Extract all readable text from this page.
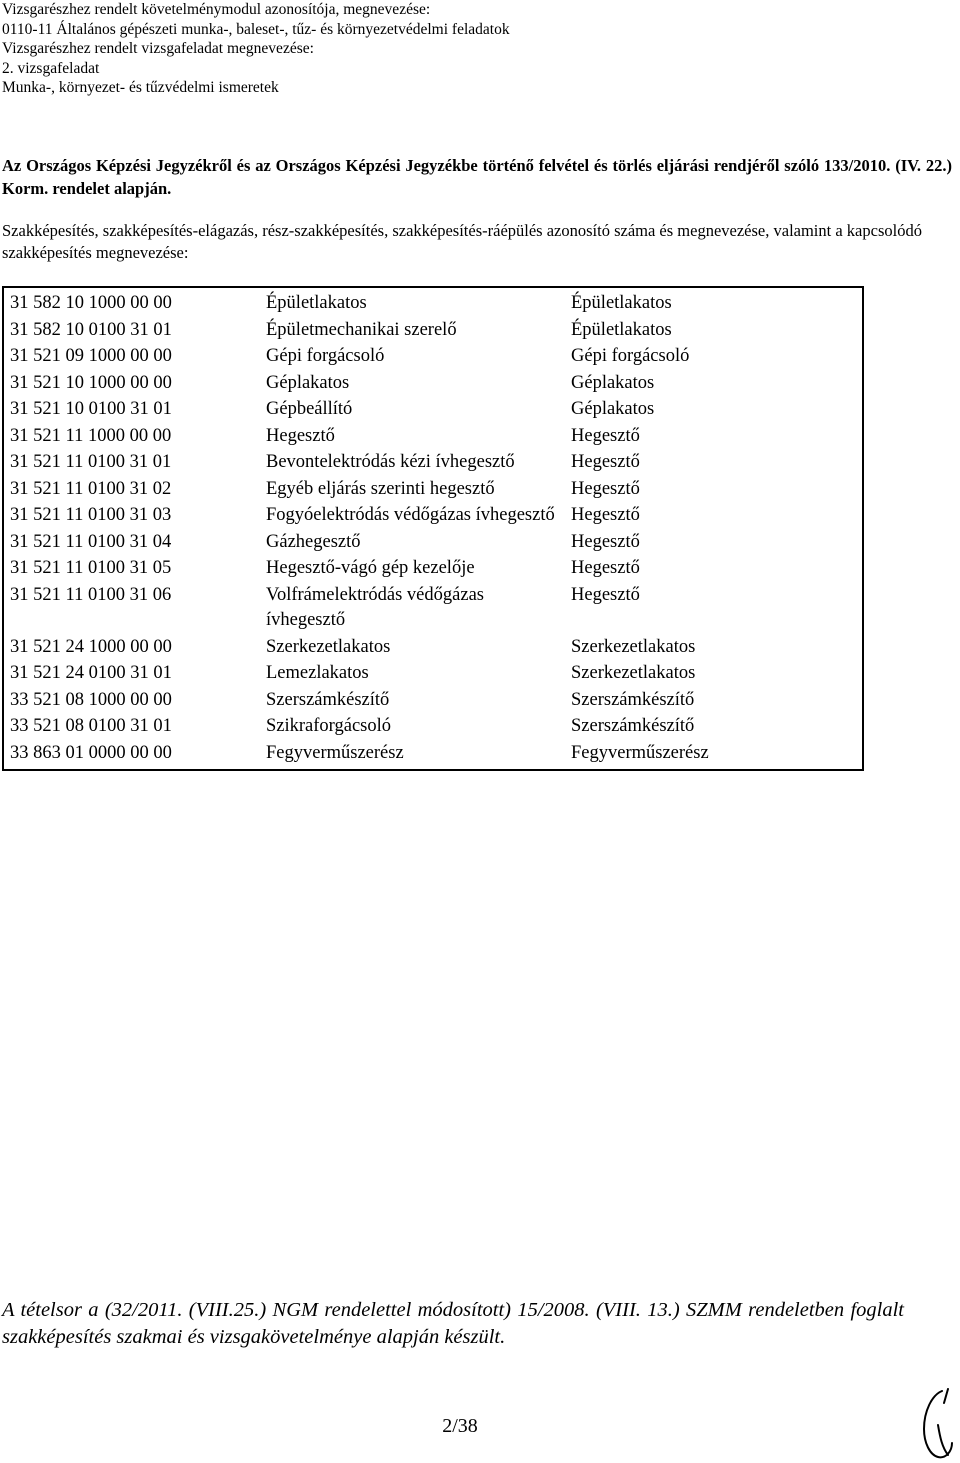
Vizsgarészhez rendelt követelménymodul azonosítója, megnevezése:
0110-11 Általános gépészeti munka-, baleset-, tűz- és környezetvédelmi feladatok
Vizsgarészhez rendelt vizsgafeladat megnevezése:
2. vizsgafeladat
Munka-, környezet- és tűzvédelmi ismeretek
Az Országos Képzési Jegyzékről és az Országos Képzési Jegyzékbe történő felvétel és törlés eljárási rendjéről szóló 133/2010. (IV. 22.) Korm. rendelet alapján.
Szakképesítés, szakképesítés-elágazás, rész-szakképesítés, szakképesítés-ráépülés azonosító száma és megnevezése, valamint a kapcsolódó szakképesítés megnevezése:
31 582 10 1000 00 00	Épületlakatos	Épületlakatos
31 582 10 0100 31 01	Épületmechanikai szerelő	Épületlakatos
31 521 09 1000 00 00	Gépi forgácsoló	Gépi forgácsoló
31 521 10 1000 00 00	Géplakatos	Géplakatos
31 521 10 0100 31 01	Gépbeállító	Géplakatos
31 521 11 1000 00 00	Hegesztő	Hegesztő
31 521 11 0100 31 01	Bevontelektródás kézi ívhegesztő	Hegesztő
31 521 11 0100 31 02	Egyéb eljárás szerinti hegesztő	Hegesztő
31 521 11 0100 31 03	Fogyóelektródás védőgázas ívhegesztő	Hegesztő
31 521 11 0100 31 04	Gázhegesztő	Hegesztő
31 521 11 0100 31 05	Hegesztő-vágó gép kezelője	Hegesztő
31 521 11 0100 31 06	Volfrámelektródás védőgázas ívhegesztő	Hegesztő
31 521 24 1000 00 00	Szerkezetlakatos	Szerkezetlakatos
31 521 24 0100 31 01	Lemezlakatos	Szerkezetlakatos
33 521 08 1000 00 00	Szerszámkészítő	Szerszámkészítő
33 521 08 0100 31 01	Szikraforgácsoló	Szerszámkészítő
33 863 01 0000 00 00	Fegyverműszerész	Fegyverműszerész
A tételsor a (32/2011. (VIII.25.) NGM rendelettel módosított) 15/2008. (VIII. 13.) SZMM rendeletben foglalt szakképesítés szakmai és vizsgakövetelménye alapján készült.
2/38
